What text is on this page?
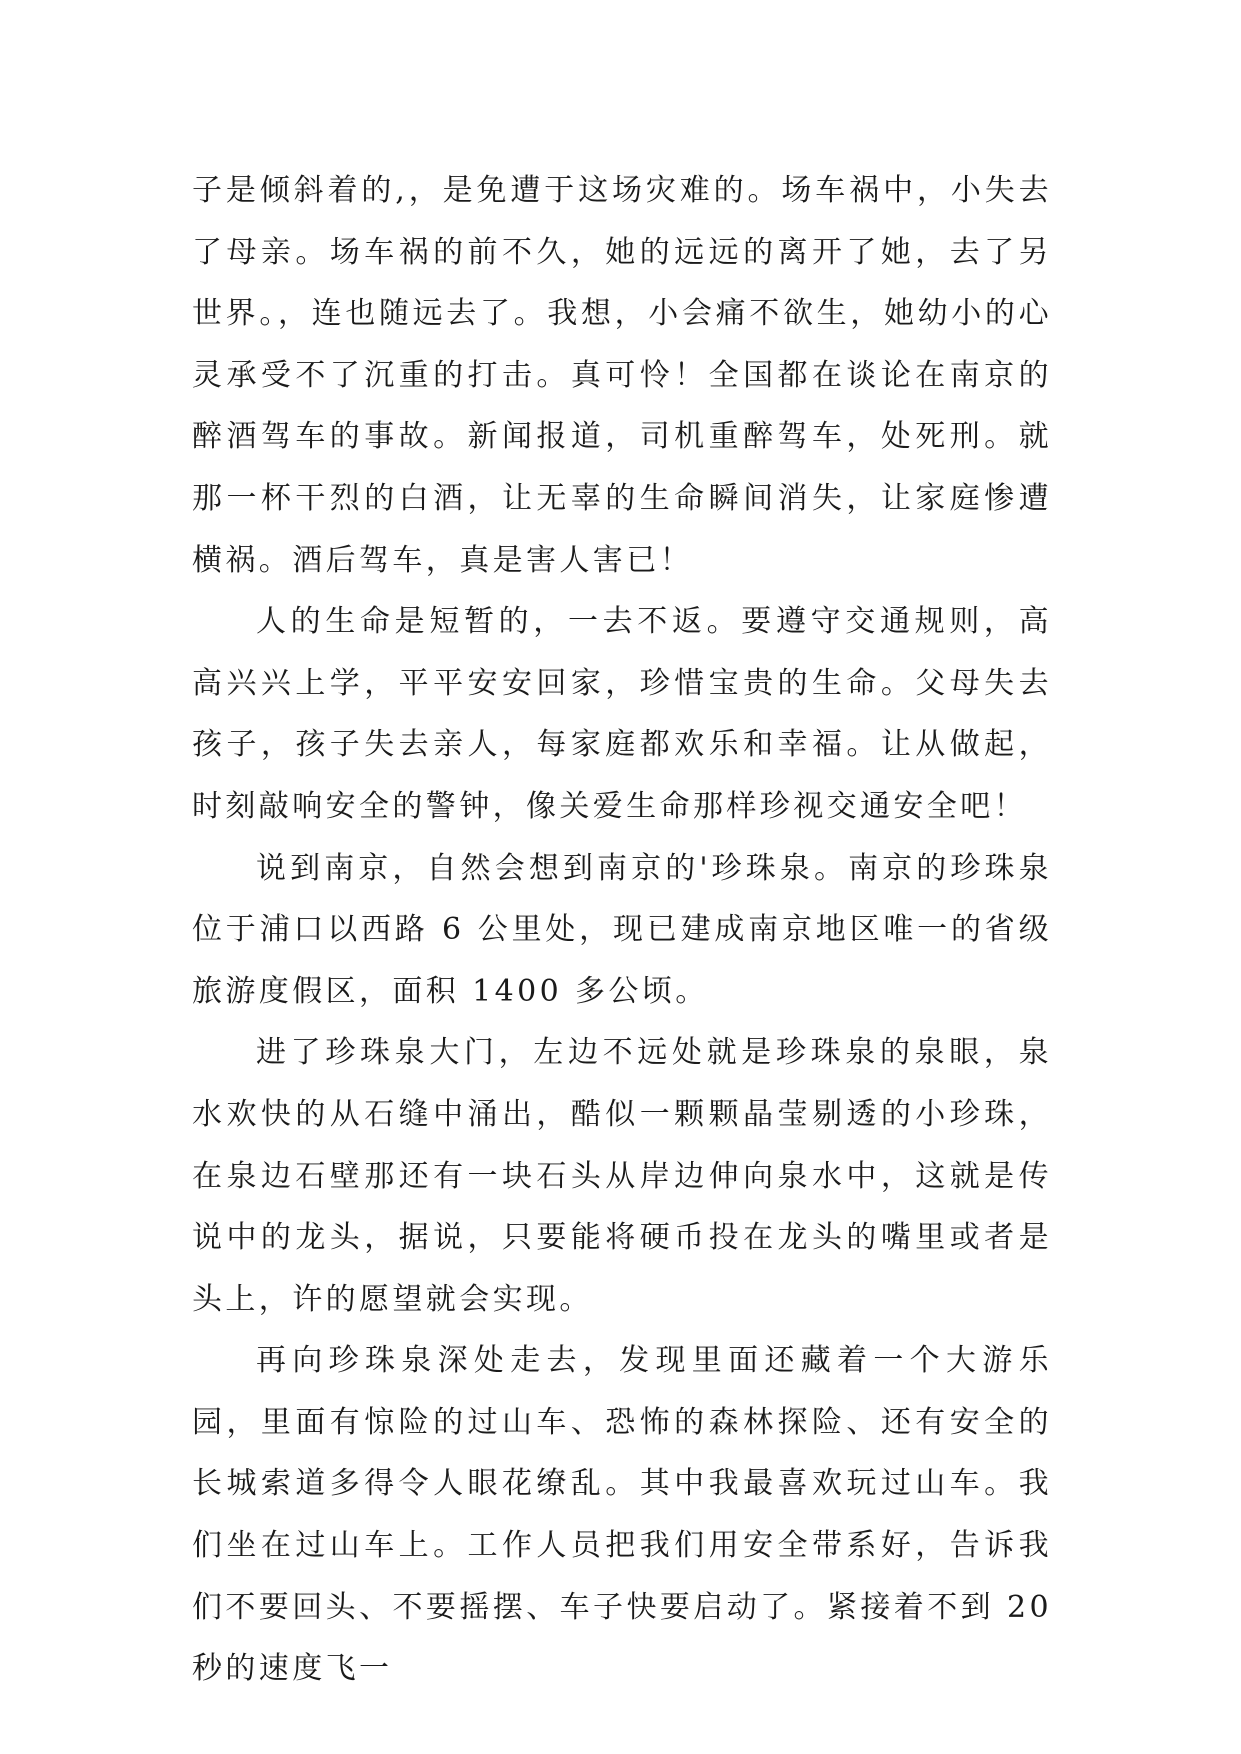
子是倾斜着的,，是免遭于这场灾难的。场车祸中，小失去了母亲。场车祸的前不久，她的远远的离开了她，去了另世界。，连也随远去了。我想，小会痛不欲生，她幼小的心灵承受不了沉重的打击。真可怜！全国都在谈论在南京的醉酒驾车的事故。新闻报道，司机重醉驾车，处死刑。就那一杯干烈的白酒，让无辜的生命瞬间消失，让家庭惨遭横祸。酒后驾车，真是害人害已！

人的生命是短暂的，一去不返。要遵守交通规则，高高兴兴上学，平平安安回家，珍惜宝贵的生命。父母失去孩子，孩子失去亲人，每家庭都欢乐和幸福。让从做起，时刻敲响安全的警钟，像关爱生命那样珍视交通安全吧！

说到南京，自然会想到南京的'珍珠泉。南京的珍珠泉位于浦口以西路 6 公里处，现已建成南京地区唯一的省级旅游度假区，面积 1400 多公顷。

进了珍珠泉大门，左边不远处就是珍珠泉的泉眼，泉水欢快的从石缝中涌出，酷似一颗颗晶莹剔透的小珍珠，在泉边石壁那还有一块石头从岸边伸向泉水中，这就是传说中的龙头，据说，只要能将硬币投在龙头的嘴里或者是头上，许的愿望就会实现。

再向珍珠泉深处走去，发现里面还藏着一个大游乐园，里面有惊险的过山车、恐怖的森林探险、还有安全的长城索道多得令人眼花缭乱。其中我最喜欢玩过山车。我们坐在过山车上。工作人员把我们用安全带系好，告诉我们不要回头、不要摇摆、车子快要启动了。紧接着不到 20 秒的速度飞一
